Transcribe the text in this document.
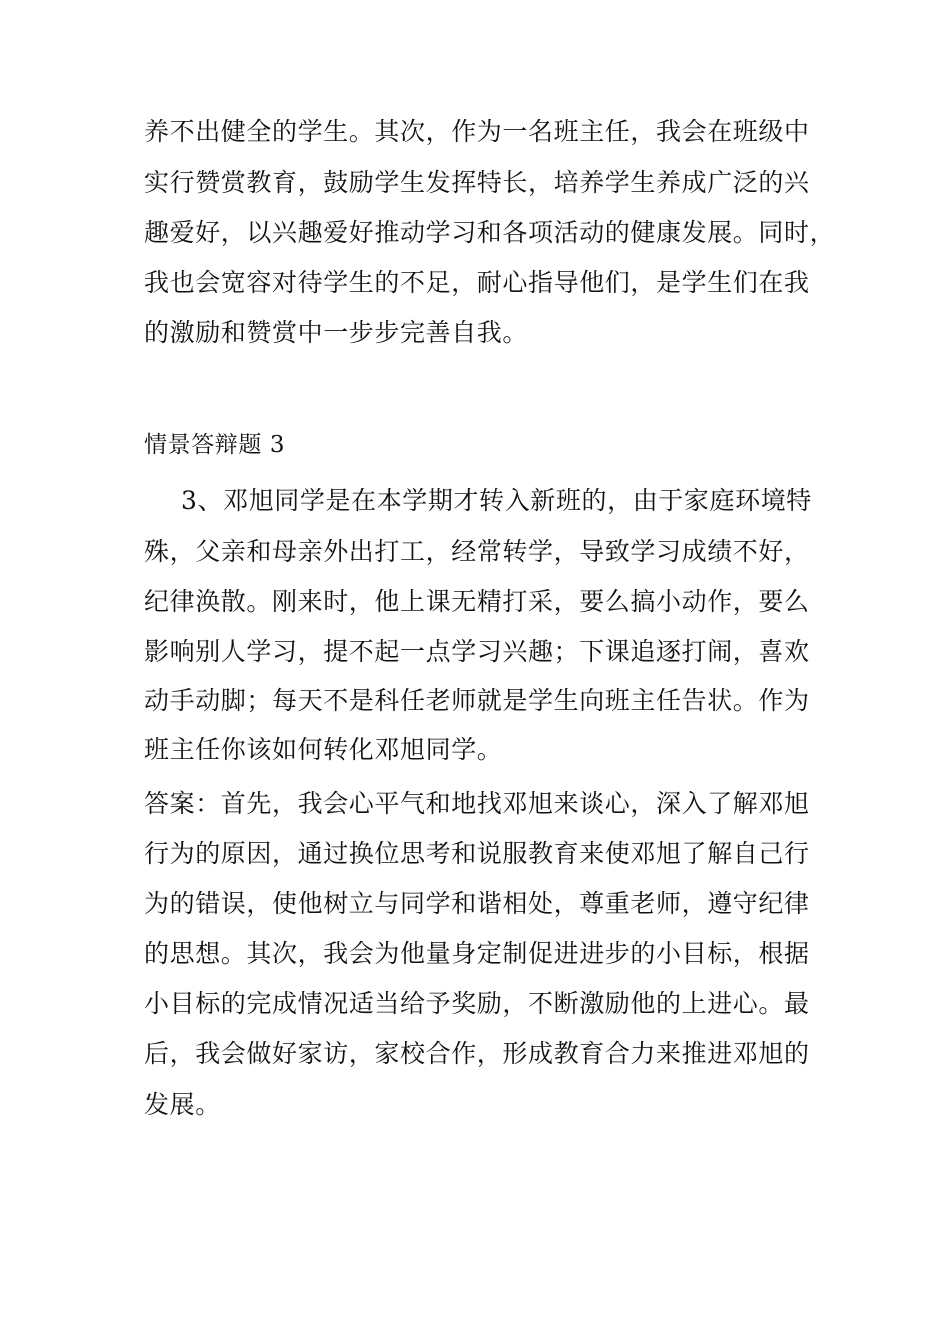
养不出健全的学生。其次，作为一名班主任，我会在班级中
实行赞赏教育，鼓励学生发挥特长，培养学生养成广泛的兴
趣爱好，以兴趣爱好推动学习和各项活动的健康发展。同时，
我也会宽容对待学生的不足，耐心指导他们，是学生们在我
的激励和赞赏中一步步完善自我。
情景答辩题 3
3、邓旭同学是在本学期才转入新班的，由于家庭环境特
殊，父亲和母亲外出打工，经常转学，导致学习成绩不好，
纪律涣散。刚来时，他上课无精打采，要么搞小动作，要么
影响别人学习，提不起一点学习兴趣；下课追逐打闹，喜欢
动手动脚；每天不是科任老师就是学生向班主任告状。作为
班主任你该如何转化邓旭同学。
答案：首先，我会心平气和地找邓旭来谈心，深入了解邓旭
行为的原因，通过换位思考和说服教育来使邓旭了解自己行
为的错误，使他树立与同学和谐相处，尊重老师，遵守纪律
的思想。其次，我会为他量身定制促进进步的小目标，根据
小目标的完成情况适当给予奖励，不断激励他的上进心。最
后，我会做好家访，家校合作，形成教育合力来推进邓旭的
发展。
